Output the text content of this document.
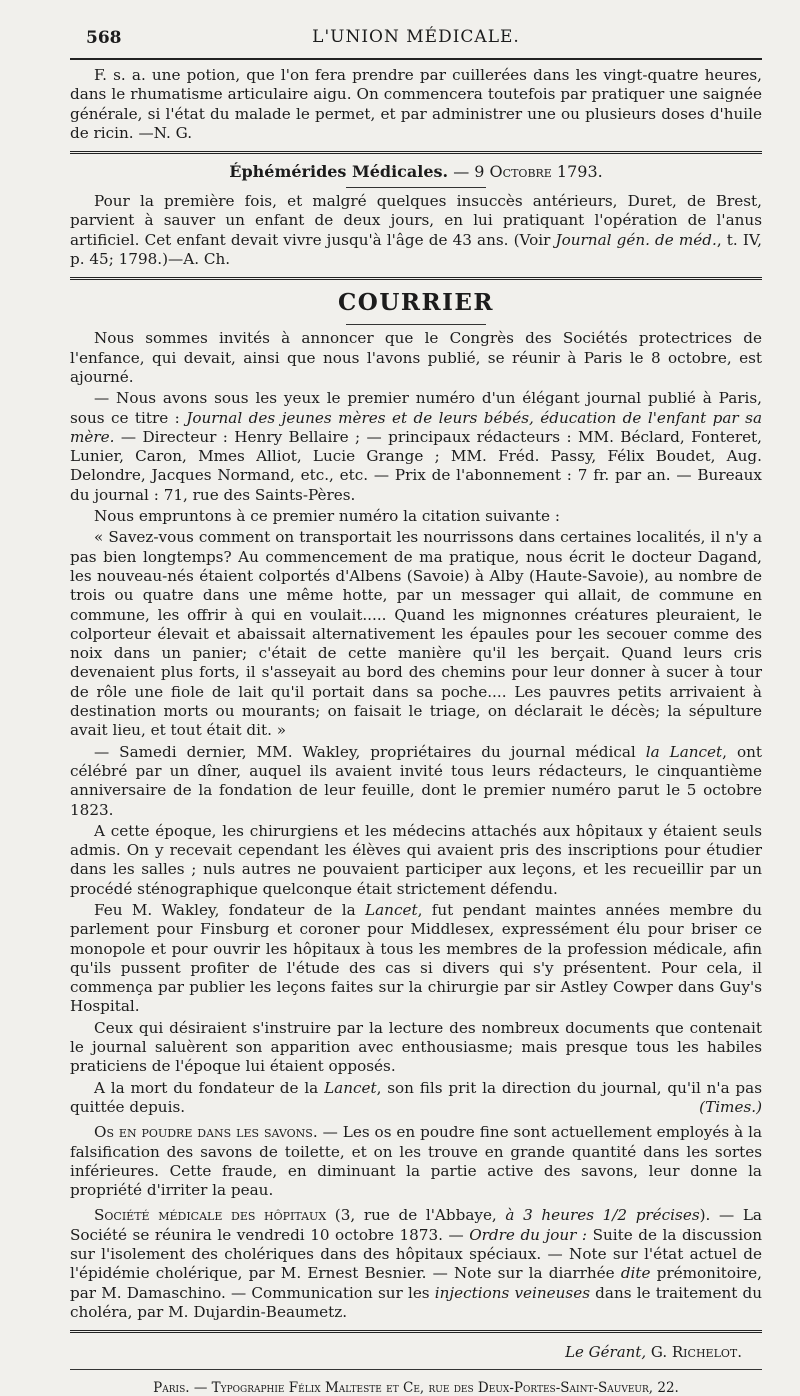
568	L'UNION MÉDICALE.

F. s. a. une potion, que l'on fera prendre par cuillerées dans les vingt-quatre heures, dans le rhumatisme articulaire aigu. On commencera toutefois par pratiquer une saignée générale, si l'état du malade le permet, et par administrer une ou plusieurs doses d'huile de ricin. —N. G.

Éphémérides Médicales. — 9 Octobre 1793.

Pour la première fois, et malgré quelques insuccès antérieurs, Duret, de Brest, parvient à sauver un enfant de deux jours, en lui pratiquant l'opération de l'anus artificiel. Cet enfant devait vivre jusqu'à l'âge de 43 ans. (Voir Journal gén. de méd., t. IV, p. 45; 1798.)—A. Ch.

COURRIER

Nous sommes invités à annoncer que le Congrès des Sociétés protectrices de l'enfance, qui devait, ainsi que nous l'avons publié, se réunir à Paris le 8 octobre, est ajourné.

— Nous avons sous les yeux le premier numéro d'un élégant journal publié à Paris, sous ce titre : Journal des jeunes mères et de leurs bébés, éducation de l'enfant par sa mère. — Directeur : Henry Bellaire ; — principaux rédacteurs : MM. Béclard, Fonteret, Lunier, Caron, Mmes Alliot, Lucie Grange ; MM. Fréd. Passy, Félix Boudet, Aug. Delondre, Jacques Normand, etc., etc. — Prix de l'abonnement : 7 fr. par an. — Bureaux du journal : 71, rue des Saints-Pères.

Nous empruntons à ce premier numéro la citation suivante :

« Savez-vous comment on transportait les nourrissons dans certaines localités, il n'y a pas bien longtemps? Au commencement de ma pratique, nous écrit le docteur Dagand, les nouveau-nés étaient colportés d'Albens (Savoie) à Alby (Haute-Savoie), au nombre de trois ou quatre dans une même hotte, par un messager qui allait, de commune en commune, les offrir à qui en voulait..... Quand les mignonnes créatures pleuraient, le colporteur élevait et abaissait alternativement les épaules pour les secouer comme des noix dans un panier; c'était de cette manière qu'il les berçait. Quand leurs cris devenaient plus forts, il s'asseyait au bord des chemins pour leur donner à sucer à tour de rôle une fiole de lait qu'il portait dans sa poche.... Les pauvres petits arrivaient à destination morts ou mourants; on faisait le triage, on déclarait le décès; la sépulture avait lieu, et tout était dit. »

— Samedi dernier, MM. Wakley, propriétaires du journal médical la Lancet, ont célébré par un dîner, auquel ils avaient invité tous leurs rédacteurs, le cinquantième anniversaire de la fondation de leur feuille, dont le premier numéro parut le 5 octobre 1823.

A cette époque, les chirurgiens et les médecins attachés aux hôpitaux y étaient seuls admis. On y recevait cependant les élèves qui avaient pris des inscriptions pour étudier dans les salles ; nuls autres ne pouvaient participer aux leçons, et les recueillir par un procédé sténographique quelconque était strictement défendu.

Feu M. Wakley, fondateur de la Lancet, fut pendant maintes années membre du parlement pour Finsburg et coroner pour Middlesex, expressément élu pour briser ce monopole et pour ouvrir les hôpitaux à tous les membres de la profession médicale, afin qu'ils pussent profiter de l'étude des cas si divers qui s'y présentent. Pour cela, il commença par publier les leçons faites sur la chirurgie par sir Astley Cowper dans Guy's Hospital.

Ceux qui désiraient s'instruire par la lecture des nombreux documents que contenait le journal saluèrent son apparition avec enthousiasme; mais presque tous les habiles praticiens de l'époque lui étaient opposés.

A la mort du fondateur de la Lancet, son fils prit la direction du journal, qu'il n'a pas quittée depuis.	(Times.)

Os en poudre dans les savons. — Les os en poudre fine sont actuellement employés à la falsification des savons de toilette, et on les trouve en grande quantité dans les sortes inférieures. Cette fraude, en diminuant la partie active des savons, leur donne la propriété d'irriter la peau.

Société médicale des hôpitaux (3, rue de l'Abbaye, à 3 heures 1/2 précises). — La Société se réunira le vendredi 10 octobre 1873. — Ordre du jour : Suite de la discussion sur l'isolement des cholériques dans des hôpitaux spéciaux. — Note sur l'état actuel de l'épidémie cholérique, par M. Ernest Besnier. — Note sur la diarrhée dite prémonitoire, par M. Damaschino. — Communication sur les injections veineuses dans le traitement du choléra, par M. Dujardin-Beaumetz.

Le Gérant, G. Richelot.
Paris. — Typographie Félix Malteste et Ce, rue des Deux-Portes-Saint-Sauveur, 22.
